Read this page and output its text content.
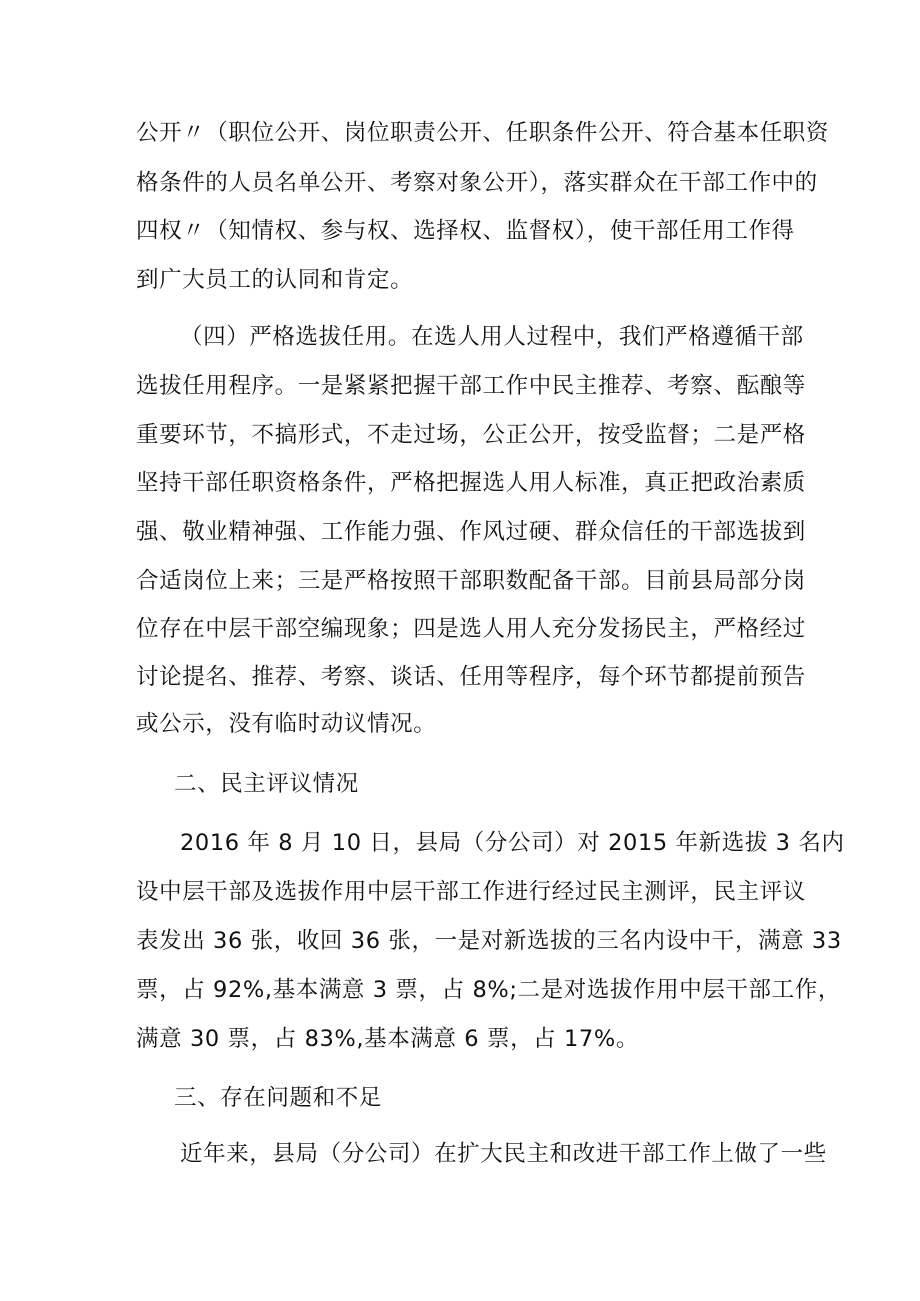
公开〃（职位公开、岗位职责公开、任职条件公开、符合基本任职资
格条件的人员名单公开、考察对象公开），落实群众在干部工作中的
四权〃（知情权、参与权、选择权、监督权），使干部任用工作得
到广大员工的认同和肯定。
（四）严格选拔任用。在选人用人过程中，我们严格遵循干部
选拔任用程序。一是紧紧把握干部工作中民主推荐、考察、酝酿等
重要环节，不搞形式，不走过场，公正公开，按受监督；二是严格
坚持干部任职资格条件，严格把握选人用人标准，真正把政治素质
强、敬业精神强、工作能力强、作风过硬、群众信任的干部选拔到
合适岗位上来；三是严格按照干部职数配备干部。目前县局部分岗
位存在中层干部空编现象；四是选人用人充分发扬民主，严格经过
讨论提名、推荐、考察、谈话、任用等程序，每个环节都提前预告
或公示，没有临时动议情况。
二、民主评议情况
2016 年 8 月 10 日，县局（分公司）对 2015 年新选拔 3 名内
设中层干部及选拔作用中层干部工作进行经过民主测评，民主评议
表发出 36 张，收回 36 张，一是对新选拔的三名内设中干，满意 33
票，占 92%,基本满意 3 票，占 8%;二是对选拔作用中层干部工作，
满意 30 票，占 83%,基本满意 6 票，占 17%。
三、存在问题和不足
近年来，县局（分公司）在扩大民主和改进干部工作上做了一些
